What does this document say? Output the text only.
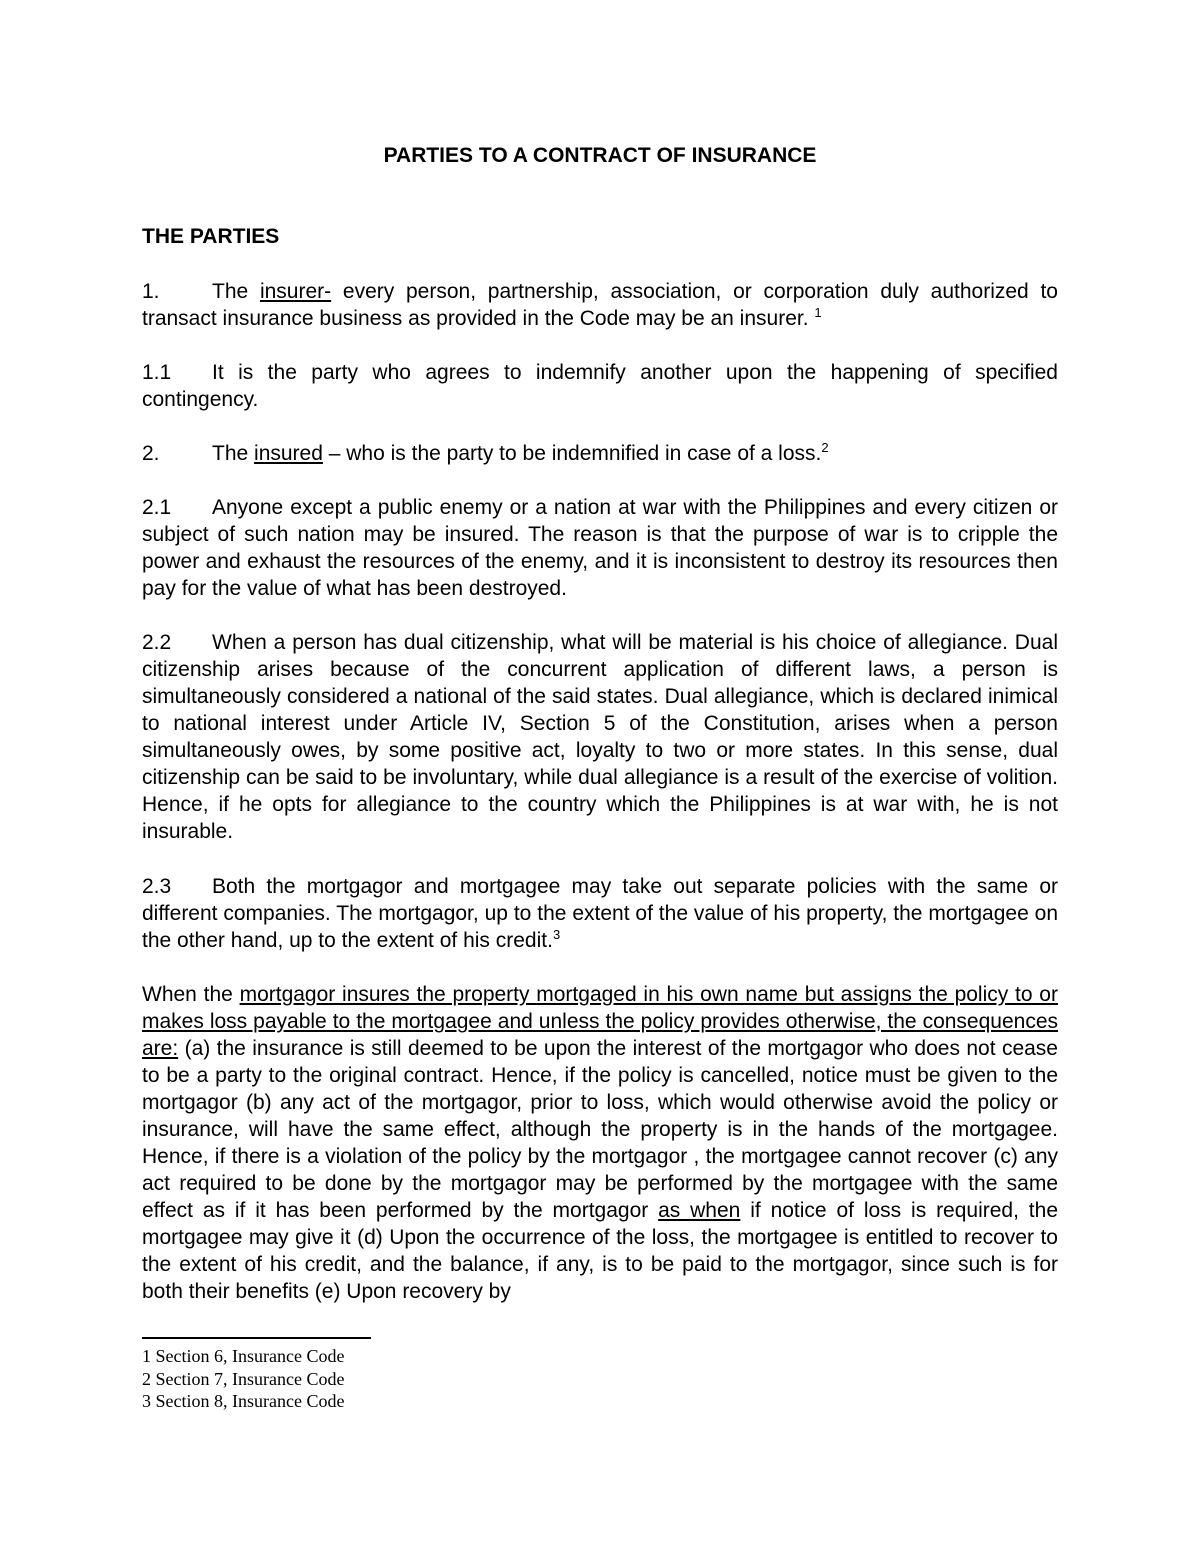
PARTIES TO A CONTRACT OF INSURANCE
THE PARTIES
1. The insurer- every person, partnership, association, or corporation duly authorized to transact insurance business as provided in the Code may be an insurer. $^1$
1.1 It is the party who agrees to indemnify another upon the happening of specified contingency.
2. The insured – who is the party to be indemnified in case of a loss.$^2$
2.1 Anyone except a public enemy or a nation at war with the Philippines and every citizen or subject of such nation may be insured. The reason is that the purpose of war is to cripple the power and exhaust the resources of the enemy, and it is inconsistent to destroy its resources then pay for the value of what has been destroyed.
2.2 When a person has dual citizenship, what will be material is his choice of allegiance. Dual citizenship arises because of the concurrent application of different laws, a person is simultaneously considered a national of the said states. Dual allegiance, which is declared inimical to national interest under Article IV, Section 5 of the Constitution, arises when a person simultaneously owes, by some positive act, loyalty to two or more states. In this sense, dual citizenship can be said to be involuntary, while dual allegiance is a result of the exercise of volition. Hence, if he opts for allegiance to the country which the Philippines is at war with, he is not insurable.
2.3 Both the mortgagor and mortgagee may take out separate policies with the same or different companies. The mortgagor, up to the extent of the value of his property, the mortgagee on the other hand, up to the extent of his credit.$^3$
When the mortgagor insures the property mortgaged in his own name but assigns the policy to or makes loss payable to the mortgagee and unless the policy provides otherwise, the consequences are: (a) the insurance is still deemed to be upon the interest of the mortgagor who does not cease to be a party to the original contract. Hence, if the policy is cancelled, notice must be given to the mortgagor (b) any act of the mortgagor, prior to loss, which would otherwise avoid the policy or insurance, will have the same effect, although the property is in the hands of the mortgagee. Hence, if there is a violation of the policy by the mortgagor , the mortgagee cannot recover (c) any act required to be done by the mortgagor may be performed by the mortgagee with the same effect as if it has been performed by the mortgagor as when if notice of loss is required, the mortgagee may give it (d) Upon the occurrence of the loss, the mortgagee is entitled to recover to the extent of his credit, and the balance, if any, is to be paid to the mortgagor, since such is for both their benefits (e) Upon recovery by
1 Section 6, Insurance Code
2 Section 7, Insurance Code
3 Section 8, Insurance Code
